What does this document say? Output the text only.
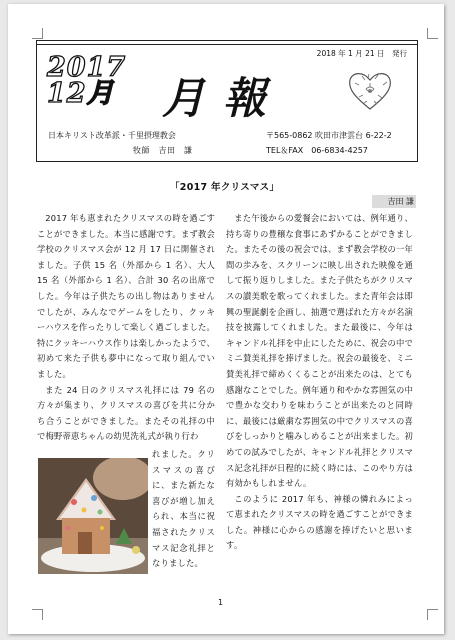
2018 年 1 月 21 日　発行
2017
12月 月報
日本キリスト改革派・千里摂理教会
牧師　吉田　謙
〒565-0862 吹田市津雲台 6-22-2
TEL＆FAX　06-6834-4257
「2017 年クリスマス」
吉田 謙

2017 年も恵まれたクリスマスの時を過ごすことができました。本当に感謝です。まず教会学校のクリスマス会が 12 月 17 日に開催されました。子供 15 名（外部から 1 名）、大人 15 名（外部から 1 名）、合計 30 名の出席でした。今年は子供たちの出し物はありませんでしたが、みんなでゲームをしたり、クッキーハウスを作ったりして楽しく過ごしました。特にクッキーハウス作りは楽しかったようで、初めて来た子供も夢中になって取り組んでいました。

また 24 日のクリスマス礼拝には 79 名の方々が集まり、クリスマスの喜びを共に分かち合うことができました。またその礼拝の中で梅野蒂恵ちゃんの幼児洗礼式が執り行わ

れました。クリスマスの喜びに、また新たな喜びが増し加えられ、本当に祝福されたクリスマス記念礼拝となりました。

また午後からの愛餐会においては、例年通り、持ち寄りの豊穣な食事にあずかることができました。またその後の祝会では、まず教会学校の一年間の歩みを、スクリーンに映し出された映像を通して振り返りしました。また子供たちがクリスマスの讃美歌を歌ってくれました。また青年会は即興の聖誕劇を企画し、抽選で選ばれた方々が名演技を披露してくれました。また最後に、今年は キャンドル礼拝を中止にしたために、祝会の中でミニ賛美礼拝を捧げました。祝会の最後を、ミニ賛美礼拝で締めくくることが出来たのは、とても感謝なことでした。例年通り和やかな雰囲気の中で豊かな交わりを味わうことが出来たのと同時に、最後には厳粛な雰囲気の中でクリスマスの喜びをしっかりと噛みしめることが出来ました。初めての試みでしたが、キャンドル礼拝とクリスマス記念礼拝が日程的に続く時には、このやり方は有効かもしれません。

このように 2017 年も、神様の憐れみによって恵まれたクリスマスの時を過ごすことができました。神様に心からの感謝を捧げたいと思います。

1
